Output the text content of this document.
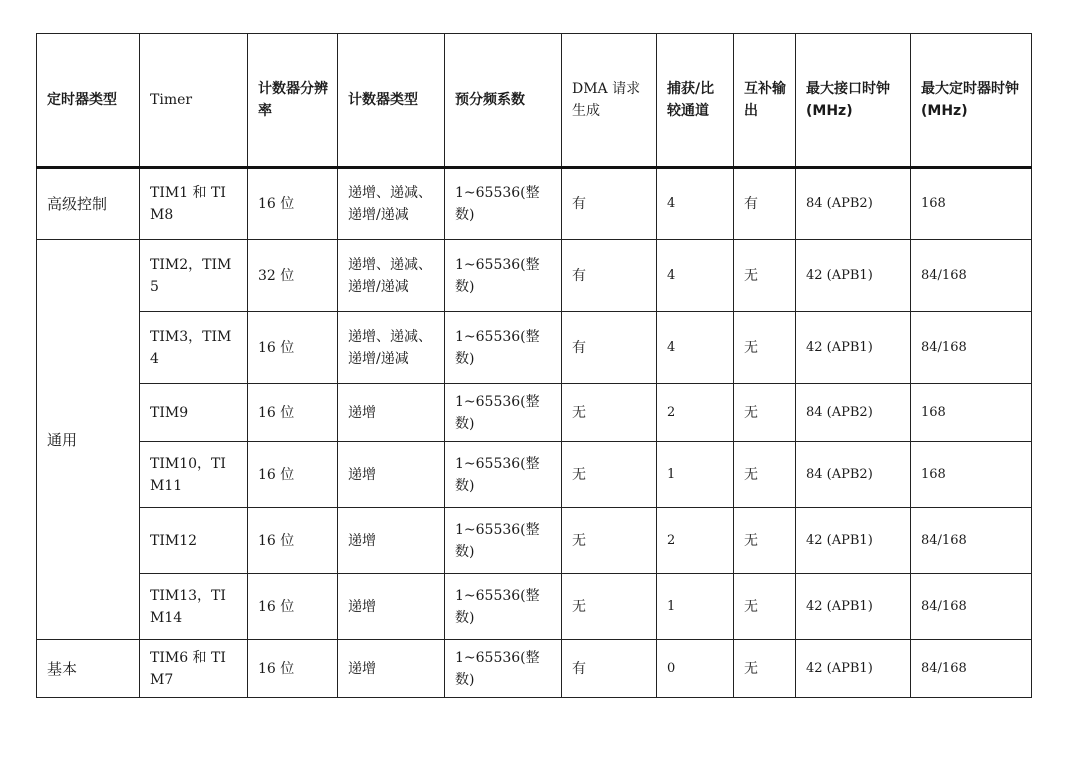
定时器类型	Timer	计数器分辨率	计数器类型	预分频系数	DMA 请求生成	捕获/比较通道	互补输出	最大接口时钟(MHz)	最大定时器时钟(MHz)
高级控制	TIM1 和 TIM8	16 位	递增、递减、递增/递减	1~65536(整数)	有	4	有	84 (APB2)	168
通用	TIM2，TIM5	32 位	递增、递减、递增/递减	1~65536(整数)	有	4	无	42 (APB1)	84/168
	TIM3，TIM4	16 位	递增、递减、递增/递减	1~65536(整数)	有	4	无	42 (APB1)	84/168
	TIM9	16 位	递增	1~65536(整数)	无	2	无	84 (APB2)	168
	TIM10，TIM11	16 位	递增	1~65536(整数)	无	1	无	84 (APB2)	168
	TIM12	16 位	递增	1~65536(整数)	无	2	无	42 (APB1)	84/168
	TIM13，TIM14	16 位	递增	1~65536(整数)	无	1	无	42 (APB1)	84/168
基本	TIM6 和 TIM7	16 位	递增	1~65536(整数)	有	0	无	42 (APB1)	84/168
